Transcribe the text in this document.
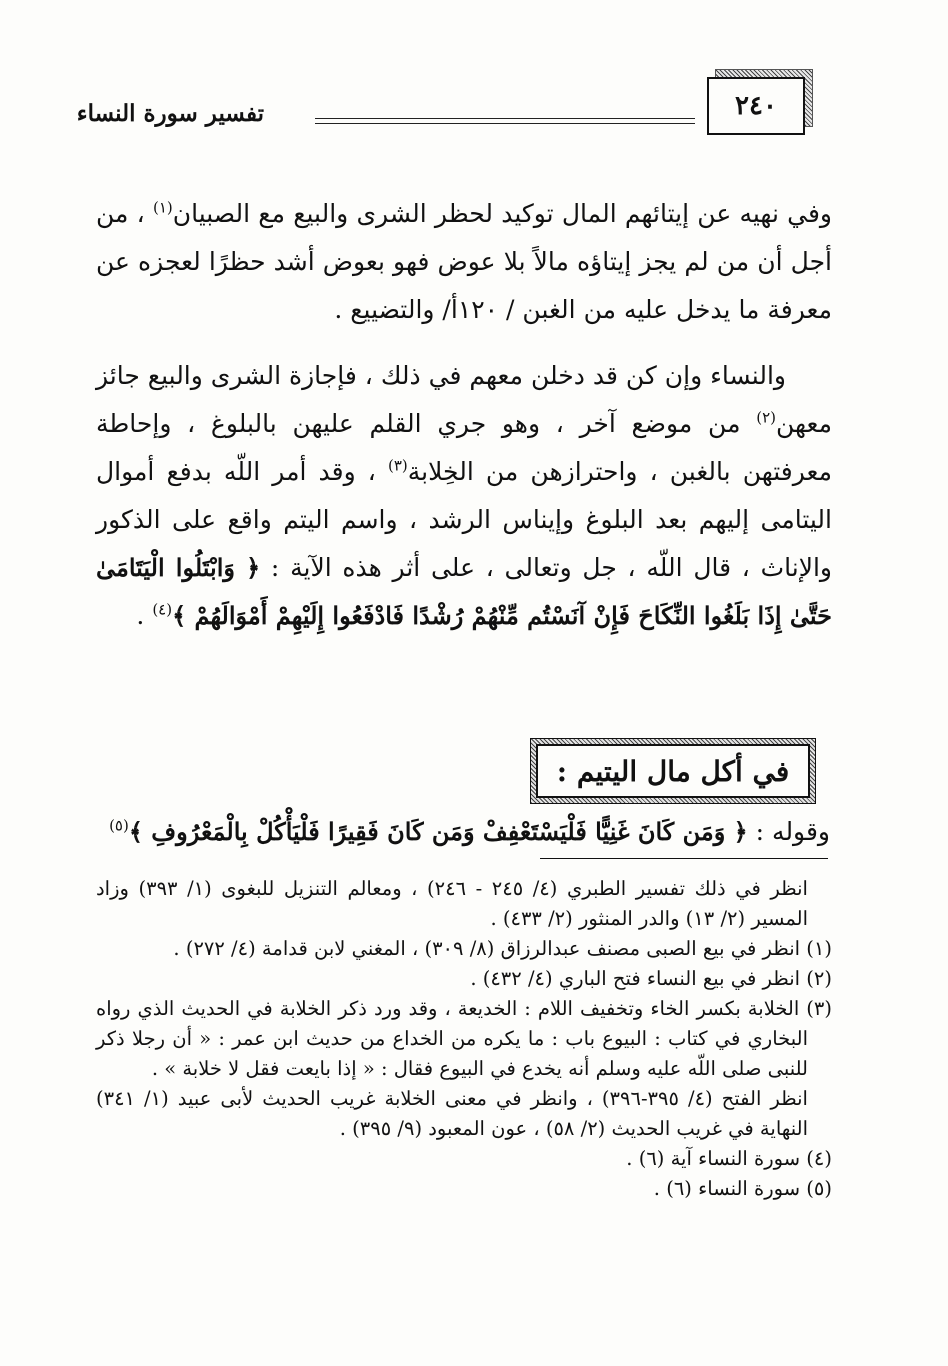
٢٤٠
تفسير سورة النساء

وفي نهيه عن إيتائهم المال توكيد لحظر الشرى والبيع مع الصبيان$^{(١)}$ ، من أجل أن من لم يجز إيتاؤه مالاً بلا عوض فهو بعوض أشد حظرًا لعجزه عن معرفة ما يدخل عليه من الغبن / ١٢٠أ/ والتضييع .

والنساء وإن كن قد دخلن معهم في ذلك ، فإجازة الشرى والبيع جائز معهن$^{(٢)}$ من موضع آخر ، وهو جري القلم عليهن بالبلوغ ، وإحاطة معرفتهن بالغبن ، واحترازهن من الخِلابة$^{(٣)}$ ، وقد أمر اللّه بدفع أموال اليتامى إليهم بعد البلوغ وإيناس الرشد ، واسم اليتم واقع على الذكور والإناث ، قال اللّه ، جل وتعالى ، على أثر هذه الآية : ﴿ وَابْتَلُوا الْيَتَامَىٰ حَتَّىٰ إِذَا بَلَغُوا النِّكَاحَ فَإِنْ آنَسْتُم مِّنْهُمْ رُشْدًا فَادْفَعُوا إِلَيْهِمْ أَمْوَالَهُمْ ﴾$^{(٤)}$ .

في أكل مال اليتيم :
وقوله : ﴿ وَمَن كَانَ غَنِيًّا فَلْيَسْتَعْفِفْ وَمَن كَانَ فَقِيرًا فَلْيَأْكُلْ بِالْمَعْرُوفِ ﴾$^{(٥)}$
انظر في ذلك تفسير الطبري (٤/ ٢٤٥ - ٢٤٦) ، ومعالم التنزيل للبغوى (١/ ٣٩٣) وزاد المسير (٢/ ١٣) والدر المنثور (٢/ ٤٣٣) .
(١) انظر في بيع الصبى مصنف عبدالرزاق (٨/ ٣٠٩) ، المغني لابن قدامة (٤/ ٢٧٢) .
(٢) انظر في بيع النساء فتح الباري (٤/ ٤٣٢) .
(٣) الخلابة بكسر الخاء وتخفيف اللام : الخديعة ، وقد ورد ذكر الخلابة في الحديث الذي رواه البخاري في كتاب : البيوع باب : ما يكره من الخداع من حديث ابن عمر : « أن رجلا ذكر للنبى صلى اللّه عليه وسلم أنه يخدع في البيوع فقال : « إذا بايعت فقل لا خلابة » .
انظر الفتح (٤/ ٣٩٥-٣٩٦) ، وانظر في معنى الخلابة غريب الحديث لأبى عبيد (١/ ٣٤١) النهاية في غريب الحديث (٢/ ٥٨) ، عون المعبود (٩/ ٣٩٥) .
(٤) سورة النساء آية (٦) .
(٥) سورة النساء (٦) .
